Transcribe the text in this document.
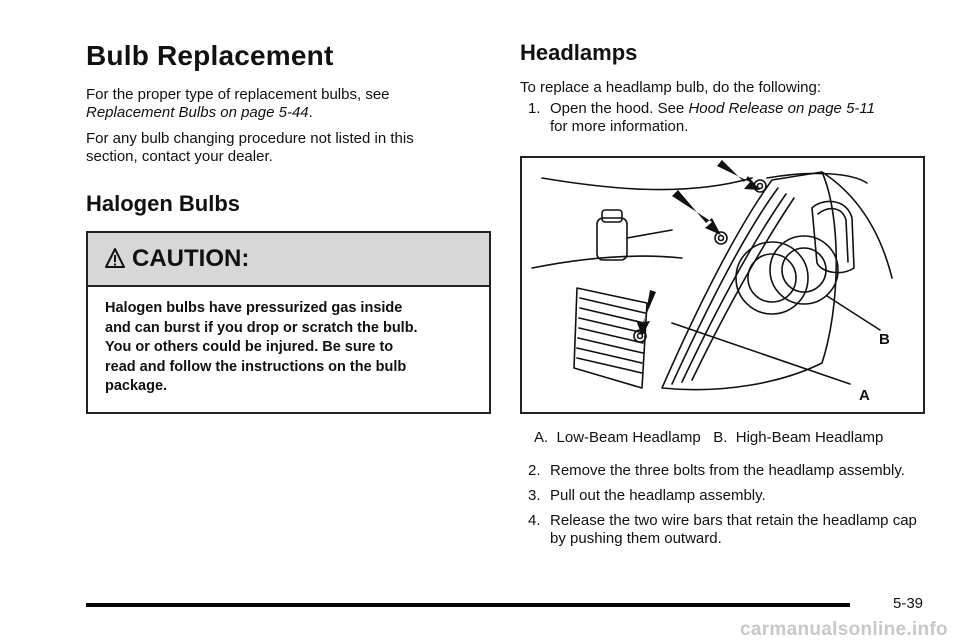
Bulb Replacement

For the proper type of replacement bulbs, see
Replacement Bulbs on page 5-44.

For any bulb changing procedure not listed in this section, contact your dealer.

Halogen Bulbs
CAUTION:
Halogen bulbs have pressurized gas inside
and can burst if you drop or scratch the bulb.
You or others could be injured. Be sure to
read and follow the instructions on the bulb
package.
Headlamps

To replace a headlamp bulb, do the following:

1. Open the hood. See Hood Release on page 5-11
for more information.
B
A
A.  Low-Beam Headlamp   B.  High-Beam Headlamp
2. Remove the three bolts from the headlamp assembly.
3. Pull out the headlamp assembly.
4. Release the two wire bars that retain the headlamp cap by pushing them outward.
5-39
carmanualsonline.info
